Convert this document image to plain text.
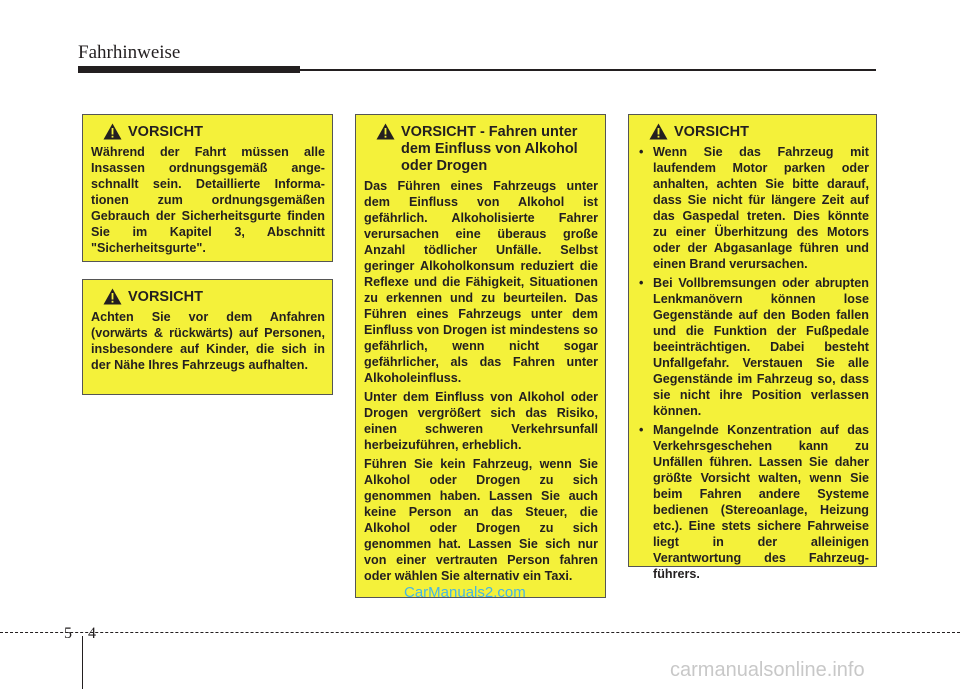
Fahrhinweise
VORSICHT

Während der Fahrt müssen alle Insassen ordnungsgemäß angeschnallt sein. Detaillierte Informationen zum ordnungsgemäßen Gebrauch der Sicherheitsgurte finden Sie im Kapitel 3, Abschnitt "Sicherheitsgurte".

VORSICHT

Achten Sie vor dem Anfahren (vorwärts & rückwärts) auf Personen, insbesondere auf Kinder, die sich in der Nähe Ihres Fahrzeugs aufhalten.

VORSICHT - Fahren unter dem Einfluss von Alkohol oder Drogen

Das Führen eines Fahrzeugs unter dem Einfluss von Alkohol ist gefährlich. Alkoholisierte Fahrer verursachen eine überaus große Anzahl tödlicher Unfälle. Selbst geringer Alkoholkonsum reduziert die Reflexe und die Fähigkeit, Situationen zu erkennen und zu beurteilen. Das Führen eines Fahrzeugs unter dem Einfluss von Drogen ist mindestens so gefährlich, wenn nicht sogar gefährlicher, als das Fahren unter Alkoholeinfluss.

Unter dem Einfluss von Alkohol oder Drogen vergrößert sich das Risiko, einen schweren Verkehrsunfall herbeizuführen, erheblich.

Führen Sie kein Fahrzeug, wenn Sie Alkohol oder Drogen zu sich genommen haben. Lassen Sie auch keine Person an das Steuer, die Alkohol oder Drogen zu sich genommen hat. Lassen Sie sich nur von einer vertrauten Person fahren oder wählen Sie alternativ ein Taxi.

VORSICHT
• Wenn Sie das Fahrzeug mit laufendem Motor parken oder anhalten, achten Sie bitte darauf, dass Sie nicht für längere Zeit auf das Gaspedal treten. Dies könnte zu einer Überhitzung des Motors oder der Abgasanlage führen und einen Brand verursachen.
• Bei Vollbremsungen oder abrupten Lenkmanövern können lose Gegenstände auf den Boden fallen und die Funktion der Fußpedale beeinträchtigen. Dabei besteht Unfallgefahr. Verstauen Sie alle Gegenstände im Fahrzeug so, dass sie nicht ihre Position verlassen können.
• Mangelnde Konzentration auf das Verkehrsgeschehen kann zu Unfällen führen. Lassen Sie daher größte Vorsicht walten, wenn Sie beim Fahren andere Systeme bedienen (Stereoanlage, Heizung etc.). Eine stets sichere Fahrweise liegt in der alleinigen Verantwortung des Fahrzeugführers.
CarManuals2.com
5 4
carmanualsonline.info
